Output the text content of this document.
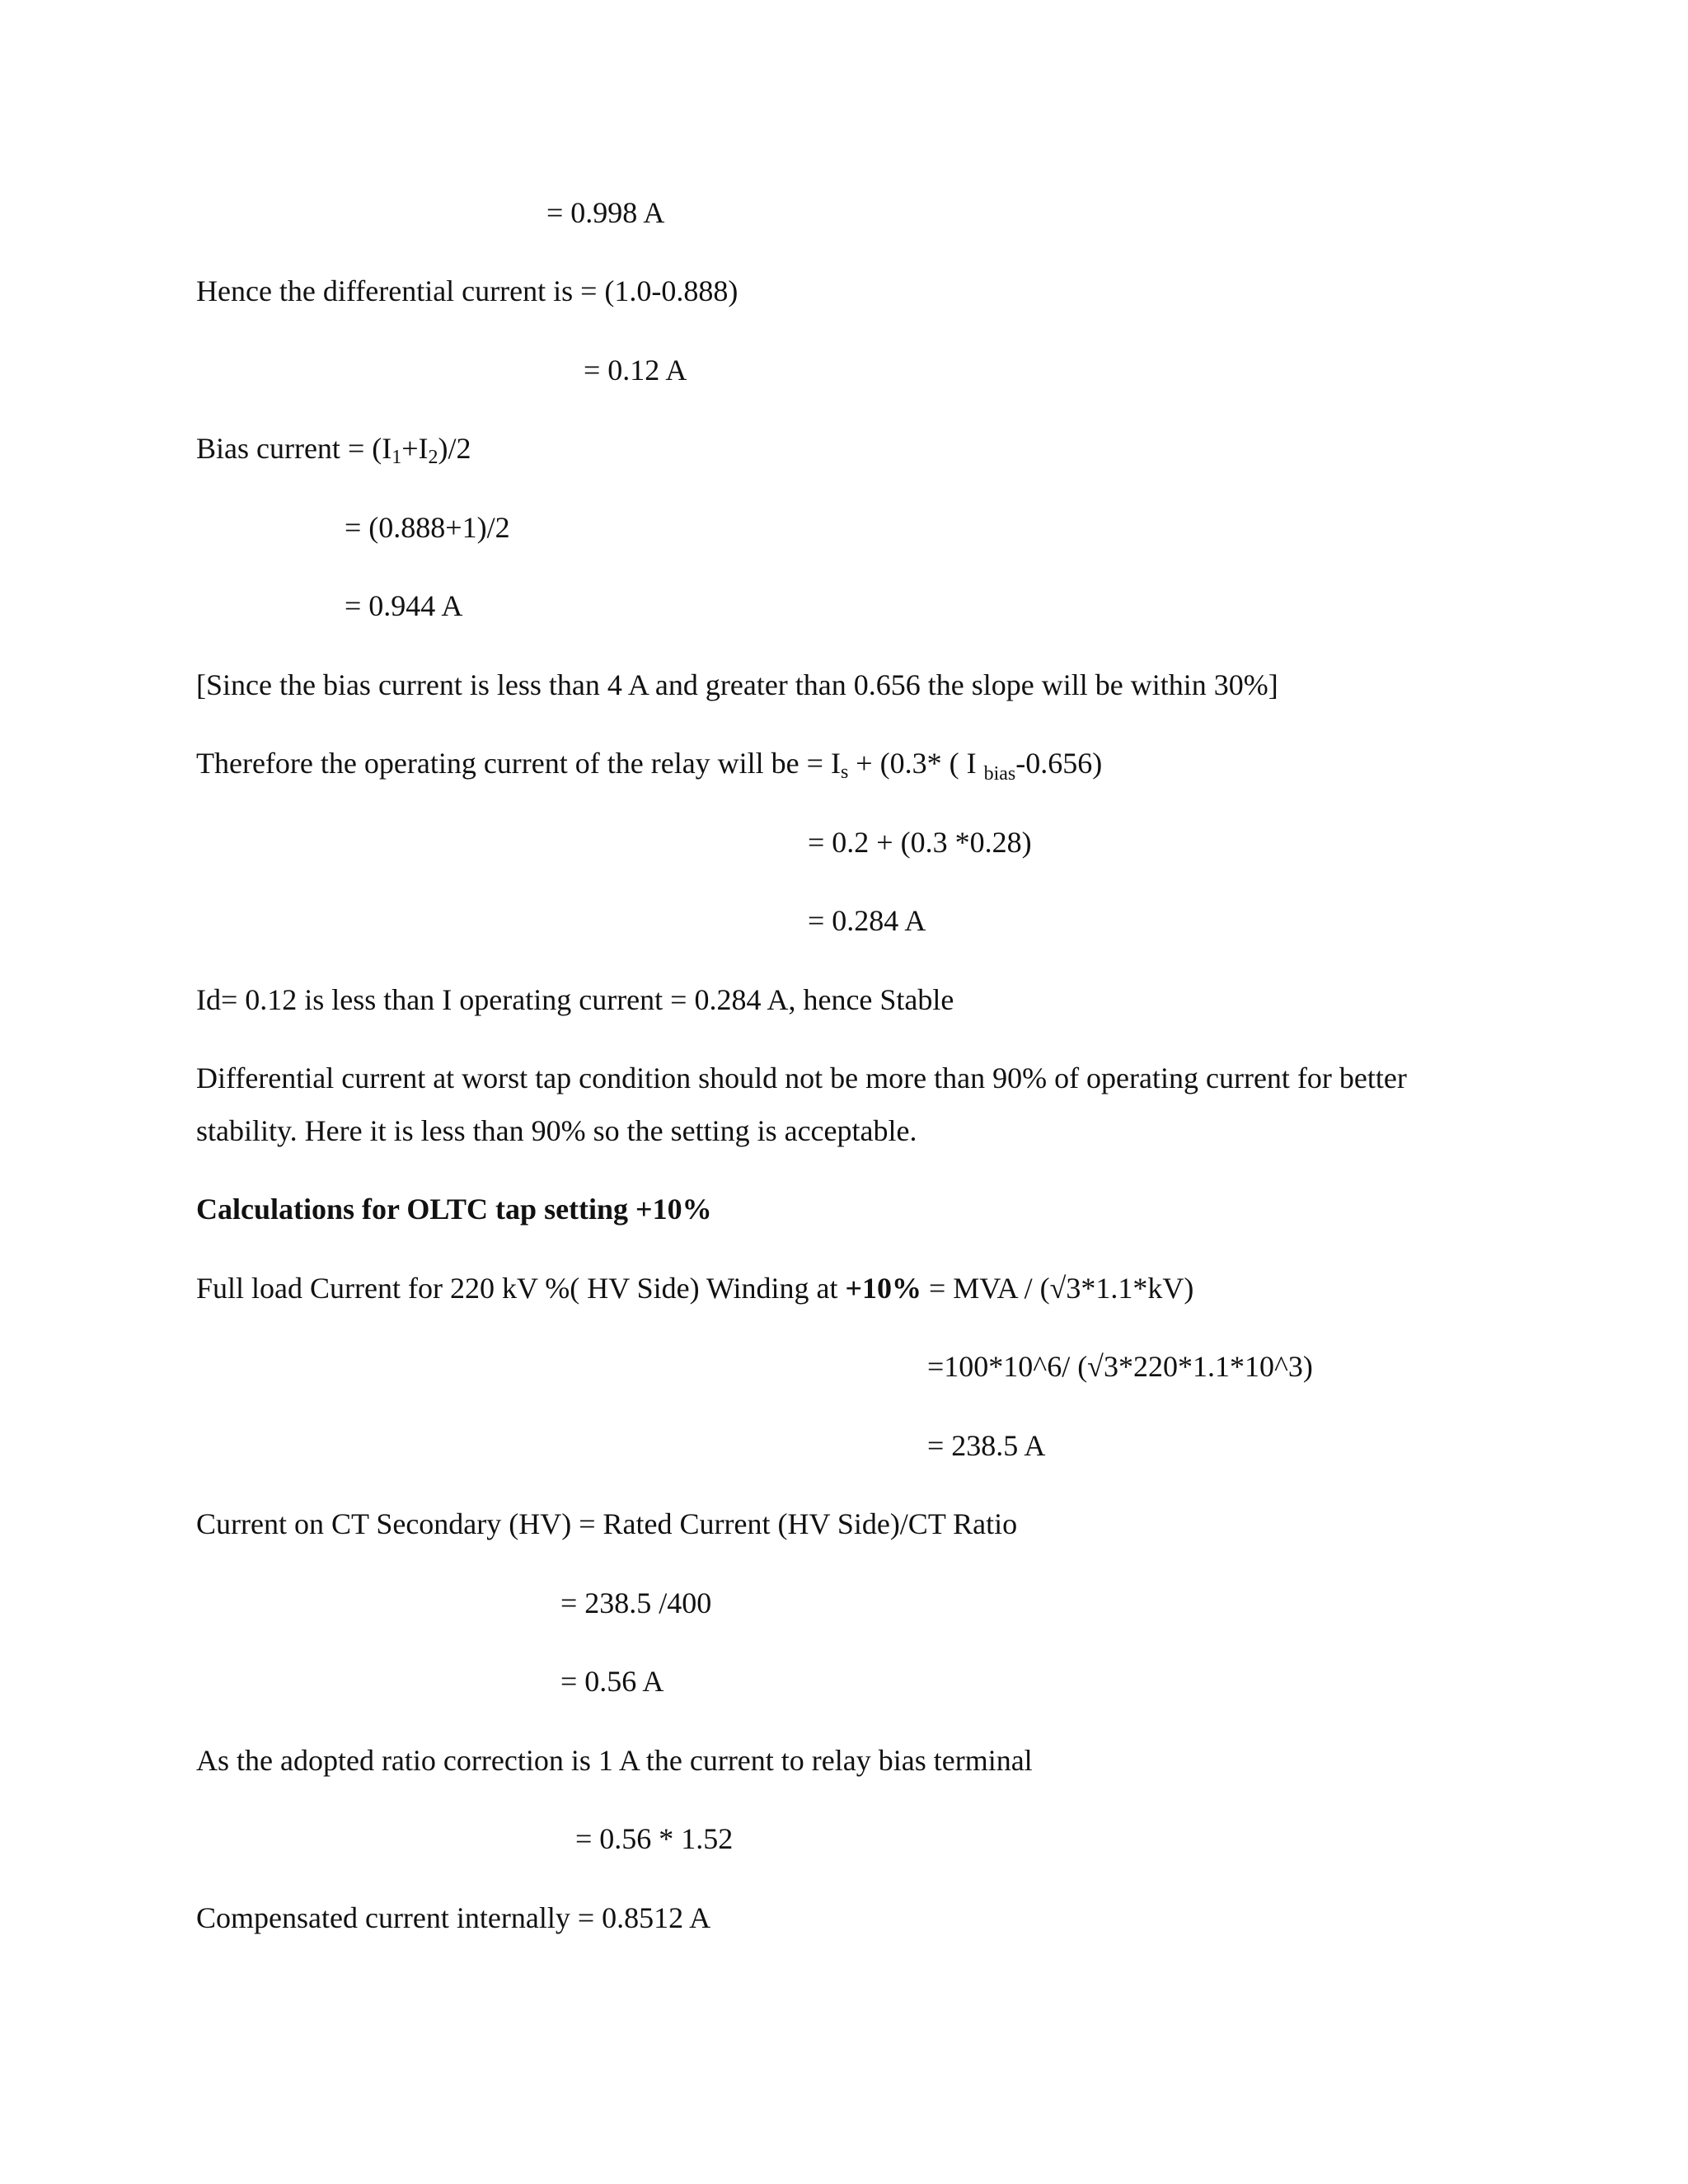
= 0.998 A
Hence the differential current is = (1.0-0.888)
= 0.12 A
Bias current = $(I_1+I_2)/2$
= (0.888+1)/2
= 0.944 A
[Since the bias current is less than 4 A and greater than 0.656 the slope will be within 30%]
Therefore the operating current of the relay will be = $I_s + (0.3*$ ( I $_{bias}$-0.656)
= 0.2 + (0.3 *0.28)
= 0.284 A
Id= 0.12 is less than I operating current = 0.284 A, hence Stable
Differential current at worst tap condition should not be more than 90% of operating current for better
stability. Here it is less than 90% so the setting is acceptable.
Calculations for OLTC tap setting +10%
Full load Current for 220 kV %( HV Side) Winding at +10% = MVA / (√3*1.1*kV)
=100*10^6/ (√3*220*1.1*10^3)
= 238.5 A
Current on CT Secondary (HV) = Rated Current (HV Side)/CT Ratio
= 238.5 /400
= 0.56 A
As the adopted ratio correction is 1 A the current to relay bias terminal
= 0.56 * 1.52
Compensated current internally = 0.8512 A
